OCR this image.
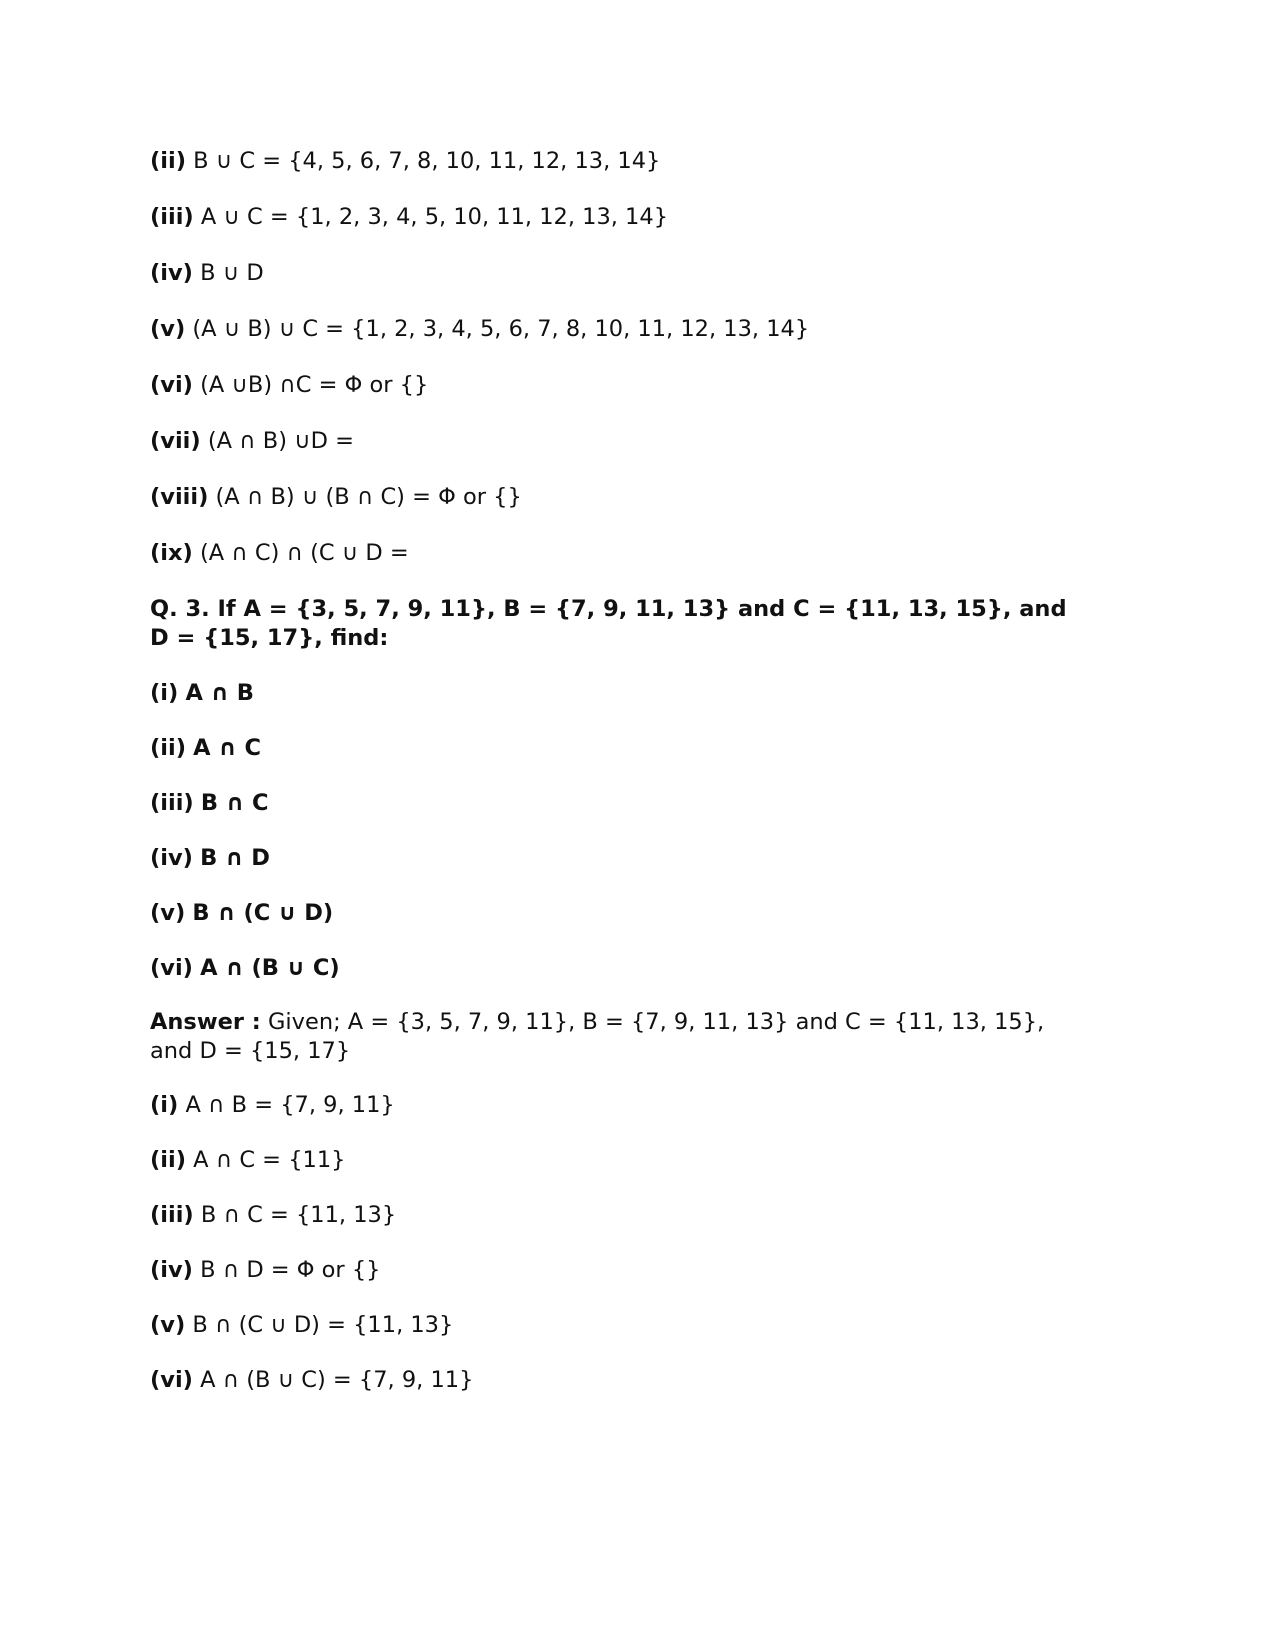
(ii) B ∪ C = {4, 5, 6, 7, 8, 10, 11, 12, 13, 14}
(iii) A ∪ C = {1, 2, 3, 4, 5, 10, 11, 12, 13, 14}
(iv) B ∪ D
(v) (A ∪ B) ∪ C = {1, 2, 3, 4, 5, 6, 7, 8, 10, 11, 12, 13, 14}
(vi) (A ∪B) ∩C = Φ or {}
(vii) (A ∩ B) ∪D =
(viii) (A ∩ B) ∪ (B ∩ C) = Φ or {}
(ix) (A ∩ C) ∩ (C ∪ D =
Q. 3. If A = {3, 5, 7, 9, 11}, B = {7, 9, 11, 13} and C = {11, 13, 15}, and D = {15, 17}, find:
(i) A ∩ B
(ii) A ∩ C
(iii) B ∩ C
(iv) B ∩ D
(v) B ∩ (C ∪ D)
(vi) A ∩ (B ∪ C)
Answer : Given; A = {3, 5, 7, 9, 11}, B = {7, 9, 11, 13} and C = {11, 13, 15}, and D = {15, 17}
(i) A ∩ B = {7, 9, 11}
(ii) A ∩ C = {11}
(iii) B ∩ C = {11, 13}
(iv) B ∩ D = Φ or {}
(v) B ∩ (C ∪ D) = {11, 13}
(vi) A ∩ (B ∪ C) = {7, 9, 11}
